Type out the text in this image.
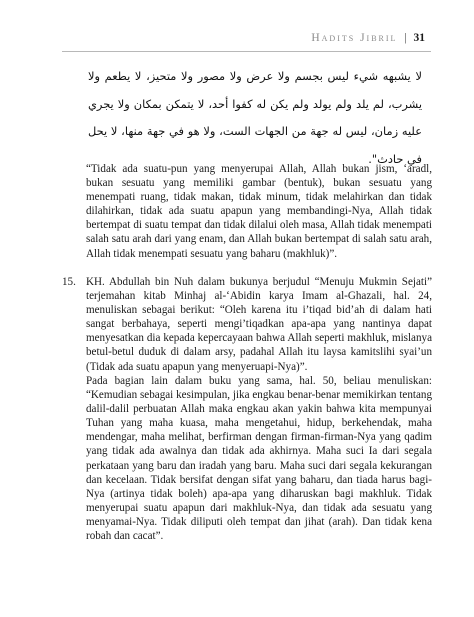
Hadits Jibril | 31
لا يشبهه شيء ليس بجسم ولا عرض ولا مصور ولا متحيز، لا يطعم ولا يشرب، لم يلد ولم يولد ولم يكن له كفوا أحد، لا يتمكن بمكان ولا يجري عليه زمان، ليس له جهة من الجهات الست، ولا هو في جهة منها، لا يحل في حادث".
“Tidak ada suatu-pun yang menyerupai Allah, Allah bukan jism, ‘aradl, bukan sesuatu yang memiliki gambar (bentuk), bukan sesuatu yang menempati ruang, tidak makan, tidak minum, tidak melahirkan dan tidak dilahirkan, tidak ada suatu apapun yang membandingi-Nya, Allah tidak bertempat di suatu tempat dan tidak dilalui oleh masa, Allah tidak menempati salah satu arah dari yang enam, dan Allah bukan bertempat di salah satu arah, Allah tidak menempati sesuatu yang baharu (makhluk)”.
15. KH. Abdullah bin Nuh dalam bukunya berjudul “Menuju Mukmin Sejati” terjemahan kitab Minhaj al-‘Abidin karya Imam al-Ghazali, hal. 24, menuliskan sebagai berikut: “Oleh karena itu i’tiqad bid’ah di dalam hati sangat berbahaya, seperti mengi’tiqadkan apa-apa yang nantinya dapat menyesatkan dia kepada kepercayaan bahwa Allah seperti makhluk, mislanya betul-betul duduk di dalam arsy, padahal Allah itu laysa kamitslihi syai’un (Tidak ada suatu apapun yang menyeruapi-Nya)”.
Pada bagian lain dalam buku yang sama, hal. 50, beliau menuliskan: “Kemudian sebagai kesimpulan, jika engkau benar-benar memikirkan tentang dalil-dalil perbuatan Allah maka engkau akan yakin bahwa kita mempunyai Tuhan yang maha kuasa, maha mengetahui, hidup, berkehendak, maha mendengar, maha melihat, berfirman dengan firman-firman-Nya yang qadim yang tidak ada awalnya dan tidak ada akhirnya. Maha suci Ia dari segala perkataan yang baru dan iradah yang baru. Maha suci dari segala kekurangan dan kecelaan. Tidak bersifat dengan sifat yang baharu, dan tiada harus bagi-Nya (artinya tidak boleh) apa-apa yang diharuskan bagi makhluk. Tidak menyerupai suatu apapun dari makhluk-Nya, dan tidak ada sesuatu yang menyamai-Nya. Tidak diliputi oleh tempat dan jihat (arah). Dan tidak kena robah dan cacat”.
